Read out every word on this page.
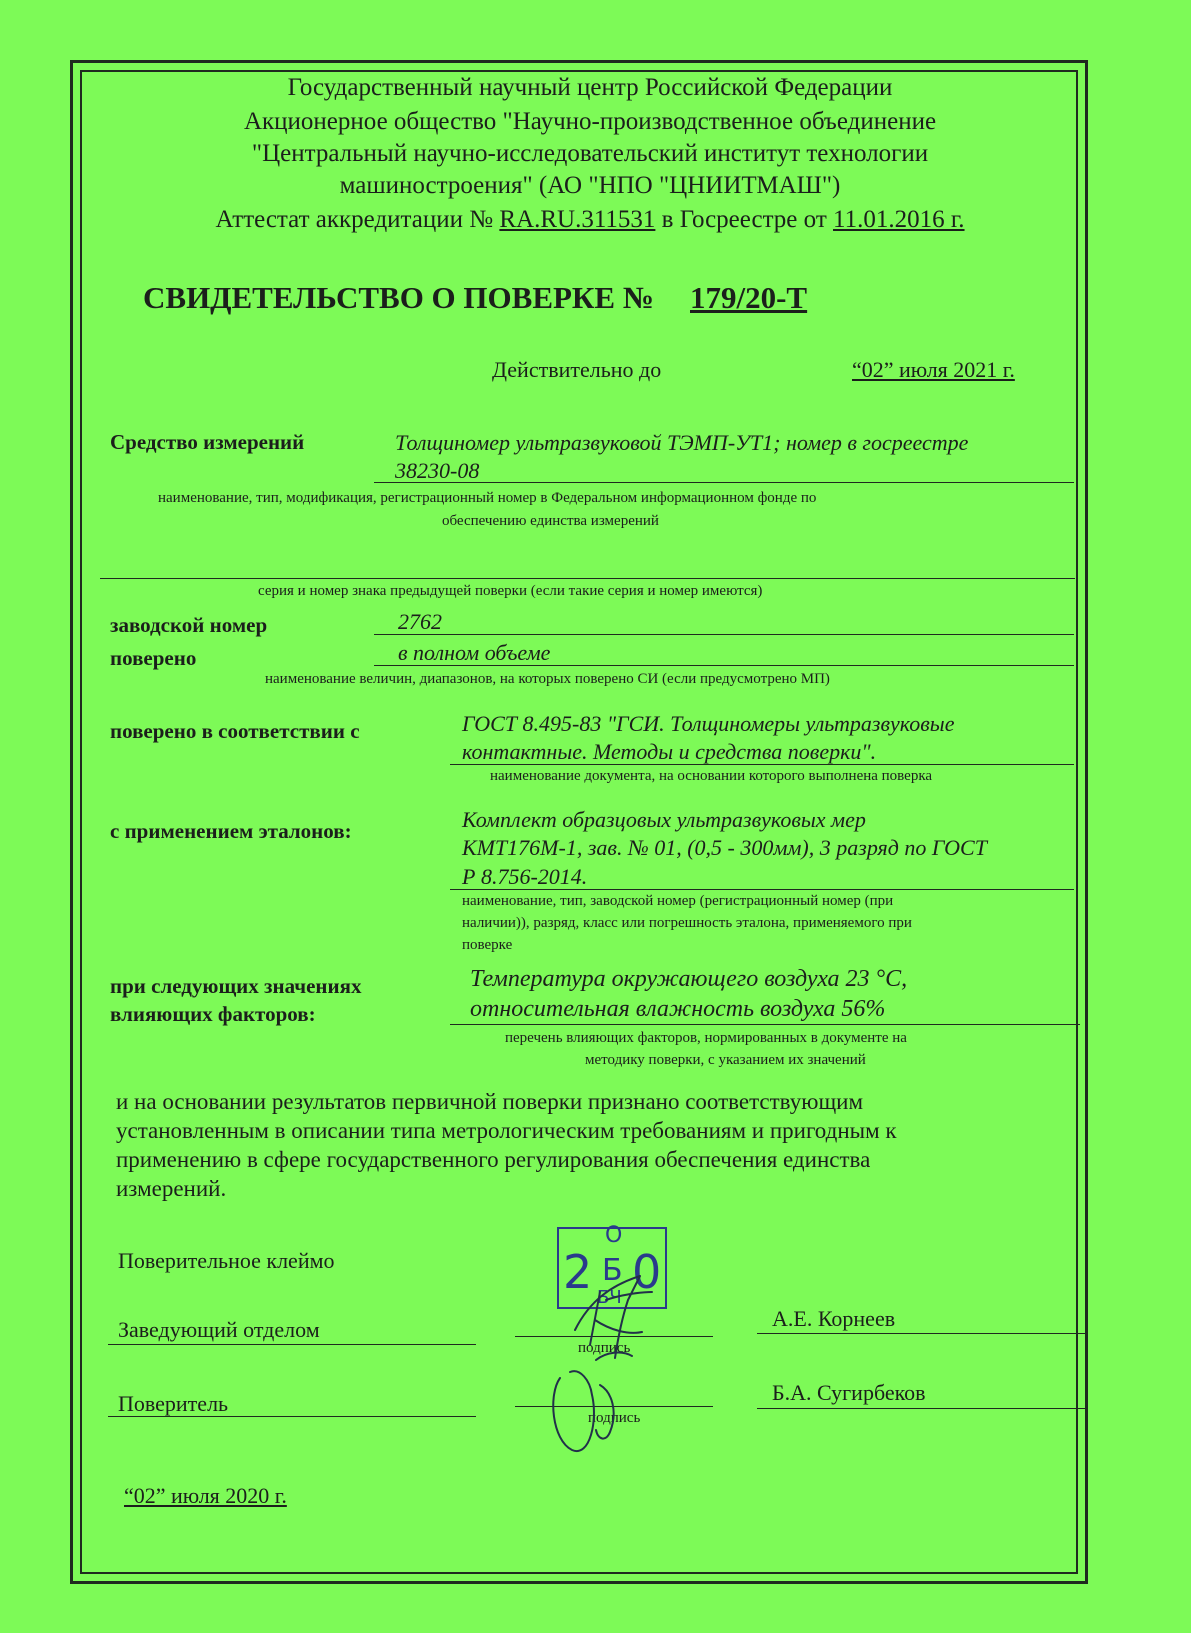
Государственный научный центр Российской Федерации
Акционерное общество "Научно-производственное объединение
"Центральный научно-исследовательский институт технологии
машиностроения" (АО "НПО "ЦНИИТМАШ")
Аттестат аккредитации № RA.RU.311531 в Госреестре от 11.01.2016 г.
СВИДЕТЕЛЬСТВО О ПОВЕРКЕ № 179/20-Т
Действительно до	“02” июля 2021 г.
Средство измерений	Толщиномер ультразвуковой ТЭМП-УТ1; номер в госреестре
38230-08
наименование, тип, модификация, регистрационный номер в Федеральном информационном фонде по
обеспечению единства измерений
серия и номер знака предыдущей поверки (если такие серия и номер имеются)
заводской номер	2762
поверено	в полном объеме
наименование величин, диапазонов, на которых поверено СИ (если предусмотрено МП)
поверено в соответствии с	ГОСТ 8.495-83 "ГСИ. Толщиномеры ультразвуковые
контактные. Методы и средства поверки".
наименование документа, на основании которого выполнена поверка
с применением эталонов:	Комплект образцовых ультразвуковых мер
КМТ176М-1, зав. № 01, (0,5 - 300мм), 3 разряд по ГОСТ
Р 8.756-2014.
наименование, тип, заводской номер (регистрационный номер (при
наличии)), разряд, класс или погрешность эталона, применяемого при
поверке
при следующих значениях
влияющих факторов:
Температура окружающего воздуха 23 °С,
относительная влажность воздуха 56%
перечень влияющих факторов, нормированных в документе на
методику поверки, с указанием их значений
и на основании результатов первичной поверки признано соответствующим
установленным в описании типа метрологическим требованиям и пригодным к
применению в сфере государственного регулирования обеспечения единства
измерений.
Поверительное клеймо
О
2 Б 0
БЧ
Заведующий отделом
подпись
А.Е. Корнеев
Поверитель
подпись
Б.А. Сугирбеков
“02” июля 2020 г.
